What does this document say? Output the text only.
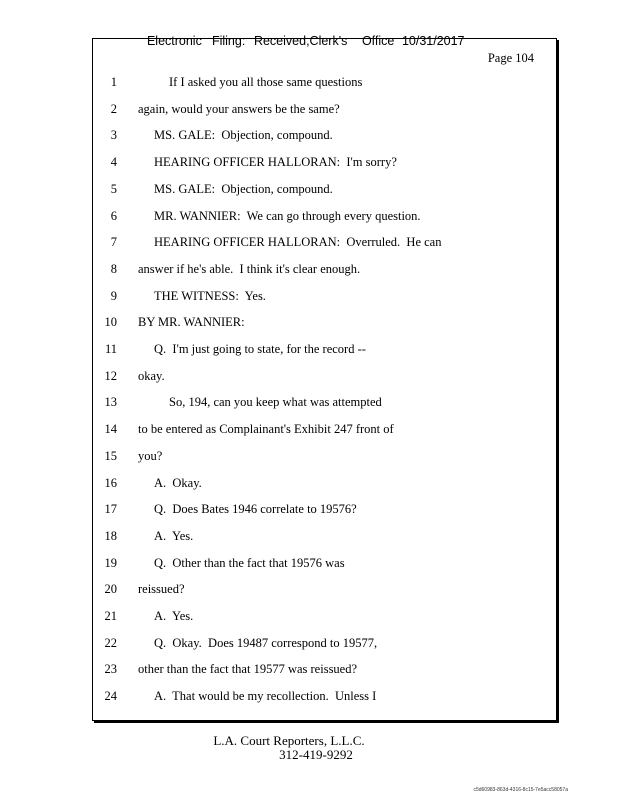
Electronic Filing: Received,Clerk's Office 10/31/2017

Page 104
1	If I asked you all those same questions
2 again, would your answers be the same?
3	MS. GALE:  Objection, compound.
4	HEARING OFFICER HALLORAN:  I'm sorry?
5	MS. GALE:  Objection, compound.
6	MR. WANNIER:  We can go through every question.
7	HEARING OFFICER HALLORAN:  Overruled.  He can
8 answer if he's able.  I think it's clear enough.
9	THE WITNESS:  Yes.
10 BY MR. WANNIER:
11	Q.  I'm just going to state, for the record --
12 okay.
13	So, 194, can you keep what was attempted
14 to be entered as Complainant's Exhibit 247 front of
15 you?
16	A.  Okay.
17	Q.  Does Bates 1946 correlate to 19576?
18	A.  Yes.
19	Q.  Other than the fact that 19576 was
20 reissued?
21	A.  Yes.
22	Q.  Okay.  Does 19487 correspond to 19577,
23 other than the fact that 19577 was reissued?
24	A.  That would be my recollection.  Unless I
L.A. Court Reporters, L.L.C.
312-419-9292
c5d60983-863d-4316-8c15-7e5acc58057a
